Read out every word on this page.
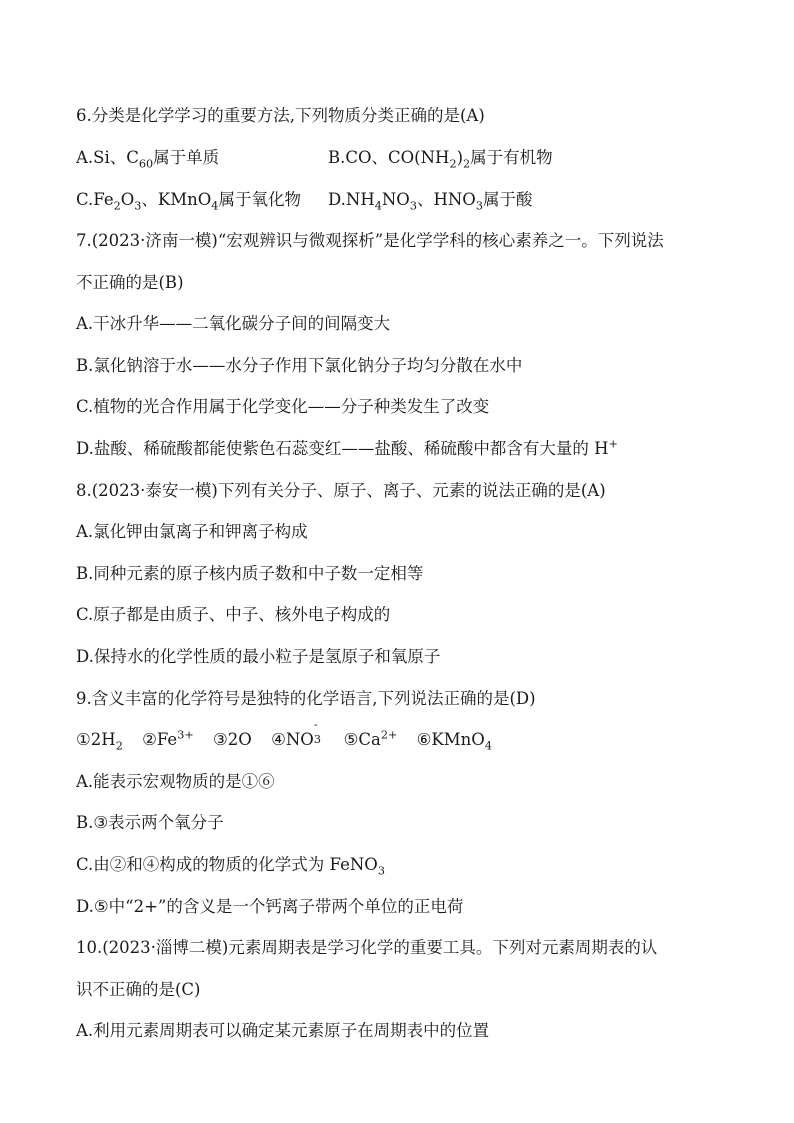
6.分类是化学学习的重要方法,下列物质分类正确的是(A)
A.Si、$C_{60}$属于单质	B.CO、$CO(NH_2)_2$属于有机物
$C.Fe_2O_3$、KMnO$_4$属于氧化物 $D.NH_4NO_3$、$HNO_3$属于酸
7.(2023·济南一模)“宏观辨识与微观探析”是化学学科的核心素养之一。下列说法
不正确的是(B)
A.干冰升华——二氧化碳分子间的间隔变大
B.氯化钠溶于水——水分子作用下氯化钠分子均匀分散在水中
C.植物的光合作用属于化学变化——分子种类发生了改变
D.盐酸、稀硫酸都能使紫色石蕊变红——盐酸、稀硫酸中都含有大量的 H+
8.(2023·泰安一模)下列有关分子、原子、离子、元素的说法正确的是(A)
A.氯化钾由氯离子和钾离子构成
B.同种元素的原子核内质子数和中子数一定相等
C.原子都是由质子、中子、核外电子构成的
D.保持水的化学性质的最小粒子是氢原子和氧原子
9.含义丰富的化学符号是独特的化学语言,下列说法正确的是(D)
$①2H_2$ $②Fe^{3+}$ ③2O ④NO
-
3 $⑤Ca^{2+}$ ⑥KMnO$_4$
A.能表示宏观物质的是①⑥
B.③表示两个氧分子
C.由②和④构成的物质的化学式为 FeNO$_3$
D.⑤中“2+”的含义是一个钙离子带两个单位的正电荷
10.(2023·淄博二模)元素周期表是学习化学的重要工具。下列对元素周期表的认
识不正确的是(C)
A.利用元素周期表可以确定某元素原子在周期表中的位置
